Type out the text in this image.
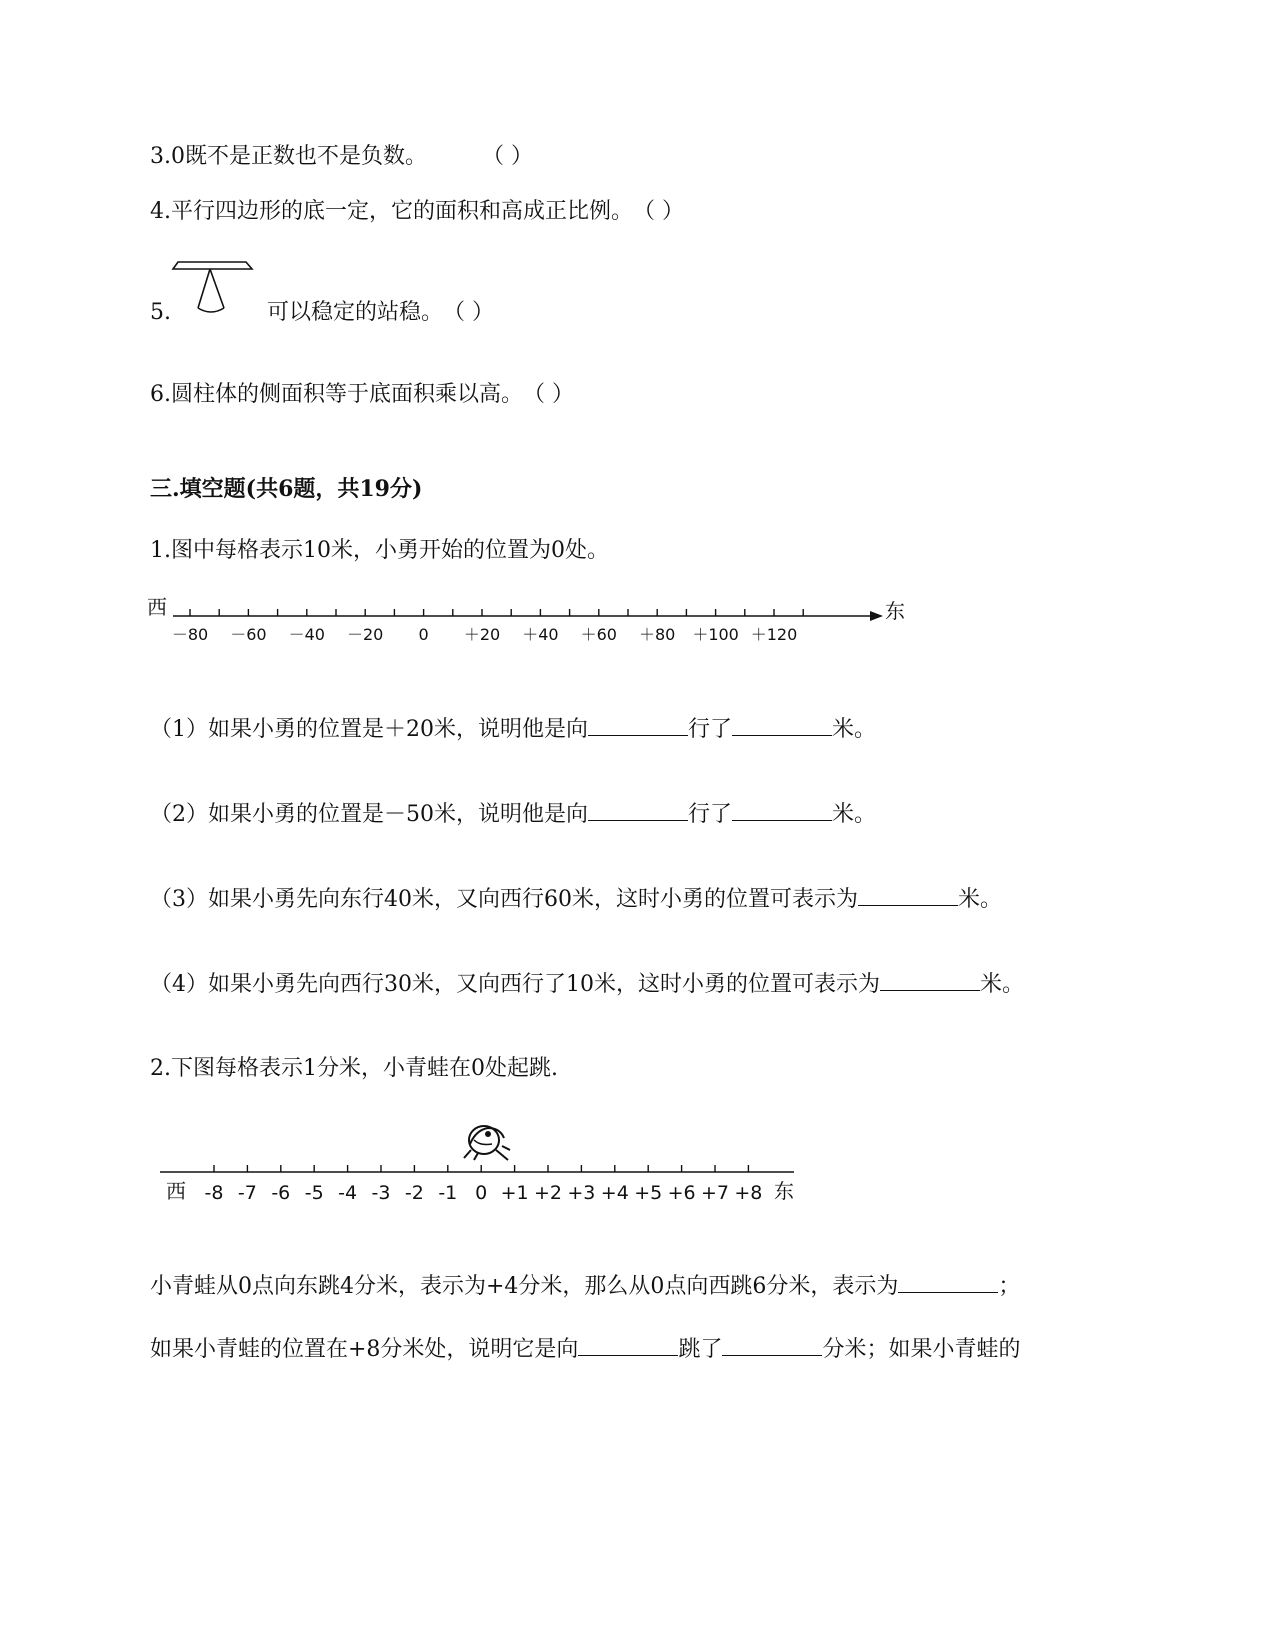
3.0既不是正数也不是负数。	（ ）
4.平行四边形的底一定，它的面积和高成正比例。（ ）
5.	可以稳定的站稳。（ ）
6.圆柱体的侧面积等于底面积乘以高。（ ）
三.填空题(共6题，共19分)
1.图中每格表示10米，小勇开始的位置为0处。
西	东
－80 －60 －40 －20 0 ＋20 ＋40 ＋60 ＋80 ＋100 ＋120
（1）如果小勇的位置是＋20米，说明他是向	行了	米。
（2）如果小勇的位置是－50米，说明他是向	行了	米。
（3）如果小勇先向东行40米，又向西行60米，这时小勇的位置可表示为	米。
（4）如果小勇先向西行30米，又向西行了10米，这时小勇的位置可表示为	米。
2.下图每格表示1分米，小青蛙在0处起跳.
西	东
-8 -7 -6 -5 -4 -3 -2 -1 0 +1 +2 +3 +4 +5 +6 +7 +8
小青蛙从0点向东跳4分米，表示为+4分米，那么从0点向西跳6分米，表示为	；
如果小青蛙的位置在+8分米处，说明它是向	跳了	分米；如果小青蛙的
